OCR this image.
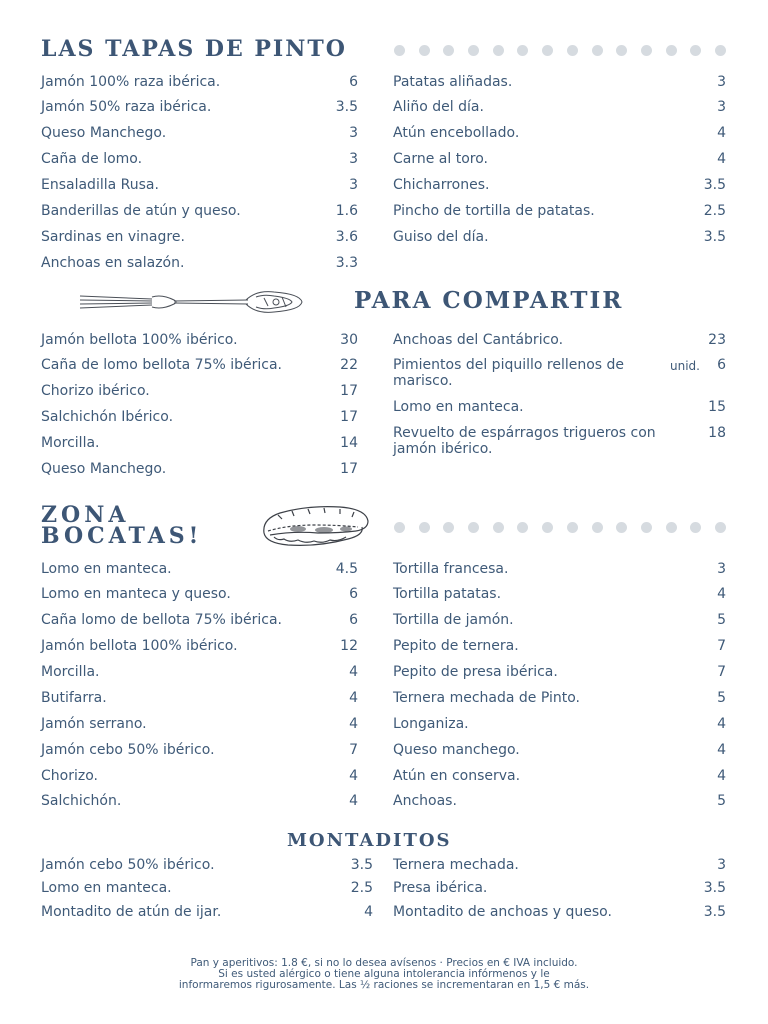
LAS TAPAS DE PINTO
Jamón 100% raza ibérica.	6
Jamón 50% raza ibérica.	3.5
Queso Manchego.	3
Caña de lomo.	3
Ensaladilla Rusa.	3
Banderillas de atún y queso.	1.6
Sardinas en vinagre.	3.6
Anchoas en salazón.	3.3
Patatas aliñadas.	3
Aliño del día.	3
Atún encebollado.	4
Carne al toro.	4
Chicharrones.	3.5
Pincho de tortilla de patatas.	2.5
Guiso del día.	3.5
PARA COMPARTIR
Jamón bellota 100% ibérico.	30
Caña de lomo bellota 75% ibérica.	22
Chorizo ibérico.	17
Salchichón Ibérico.	17
Morcilla.	14
Queso Manchego.	17
Anchoas del Cantábrico.	23
Pimientos del piquillo rellenos de marisco.
unid. 6
Lomo en manteca.	15
Revuelto de espárragos trigueros con jamón ibérico.
18
ZONA
BOCATAS!
Lomo en manteca.	4.5
Lomo en manteca y queso.	6
Caña lomo de bellota 75% ibérica.	6
Jamón bellota 100% ibérico.	12
Morcilla.	4
Butifarra.	4
Jamón serrano.	4
Jamón cebo 50% ibérico.	7
Chorizo.	4
Salchichón.	4
Tortilla francesa.	3
Tortilla patatas.	4
Tortilla de jamón.	5
Pepito de ternera.	7
Pepito de presa ibérica.	7
Ternera mechada de Pinto.	5
Longaniza.	4
Queso manchego.	4
Atún en conserva.	4
Anchoas.	5
MONTADITOS
Jamón cebo 50% ibérico.	3.5
Lomo en manteca.	2.5
Montadito de atún de ijar.	4
Ternera mechada.	3
Presa ibérica.	3.5
Montadito de anchoas y queso.	3.5
Pan y aperitivos: 1.8 €, si no lo desea avísenos · Precios en € IVA incluido.
Si es usted alérgico o tiene alguna intolerancia infórmenos y le
informaremos rigurosamente. Las ½ raciones se incrementaran en 1,5 € más.
